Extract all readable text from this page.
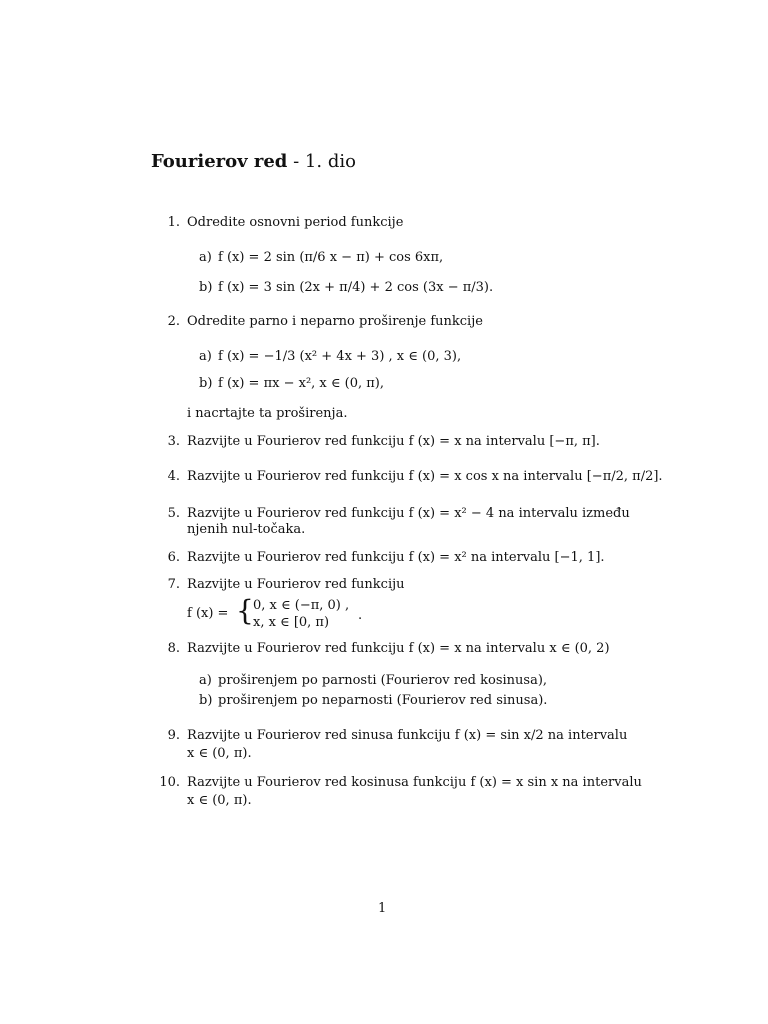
Fourierov red - 1. dio
1. Odredite osnovni period funkcije
a) f (x) = 2 sin (π/6 x − π) + cos 6xπ,
b) f (x) = 3 sin (2x + π/4) + 2 cos (3x − π/3).
2. Odredite parno i neparno proširenje funkcije
a) f (x) = −1/3 (x² + 4x + 3) , x ∈ (0, 3),
b) f (x) = πx − x², x ∈ (0, π),
i nacrtajte ta proširenja.
3. Razvijte u Fourierov red funkciju f (x) = x na intervalu [−π, π].
4. Razvijte u Fourierov red funkciju f (x) = x cos x na intervalu [−π/2, π/2].
5. Razvijte u Fourierov red funkciju f (x) = x² − 4 na intervalu između
njenih nul-točaka.
6. Razvijte u Fourierov red funkciju f (x) = x² na intervalu [−1, 1].
7. Razvijte u Fourierov red funkciju
f (x) = { 0, x ∈ (−π, 0) ,
x, x ∈ [0, π) .
8. Razvijte u Fourierov red funkciju f (x) = x na intervalu x ∈ (0, 2)
a) proširenjem po parnosti (Fourierov red kosinusa),
b) proširenjem po neparnosti (Fourierov red sinusa).
9. Razvijte u Fourierov red sinusa funkciju f (x) = sin x/2 na intervalu
x ∈ (0, π).
10. Razvijte u Fourierov red kosinusa funkciju f (x) = x sin x na intervalu
x ∈ (0, π).
1
